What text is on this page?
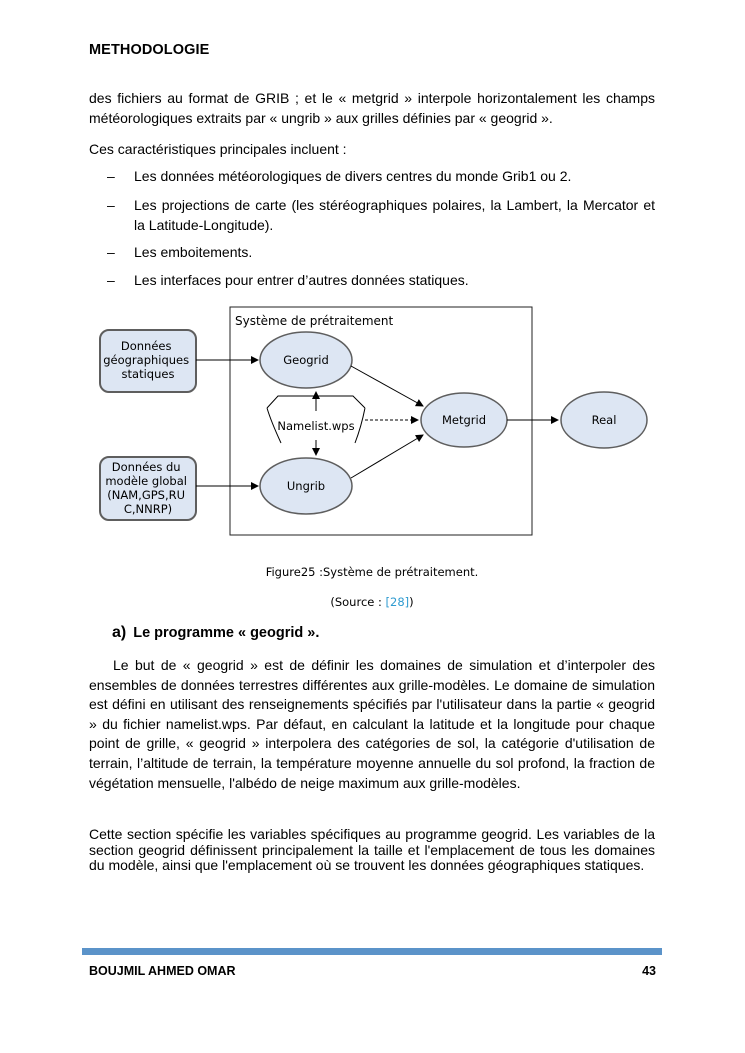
METHODOLOGIE
des fichiers au format de GRIB ; et le « metgrid » interpole horizontalement les champs météorologiques extraits par « ungrib » aux grilles définies par « geogrid ».
Ces caractéristiques principales incluent :
– Les données météorologiques de divers centres du monde Grib1 ou 2.
– Les projections de carte (les stéréographiques polaires, la Lambert, la Mercator et la Latitude-Longitude).
– Les emboitements.
– Les interfaces pour entrer d’autres données statiques.
Système de prétraitement
Données géographiques statiques
Données du modèle global (NAM,GPS,RU C,NNRP)
Geogrid
Ungrib
Metgrid	Real
Namelist.wps
Figure25 :Système de prétraitement.
(Source : [28])
a) Le programme « geogrid ».
Le but de « geogrid » est de définir les domaines de simulation et d’interpoler des ensembles de données terrestres différentes aux grille-modèles. Le domaine de simulation est défini en utilisant des renseignements spécifiés par l'utilisateur dans la partie « geogrid » du fichier namelist.wps. Par défaut, en calculant la latitude et la longitude pour chaque point de grille, « geogrid » interpolera des catégories de sol, la catégorie d'utilisation de terrain, l’altitude de terrain, la température moyenne annuelle du sol profond, la fraction de végétation mensuelle, l'albédo de neige maximum aux grille-modèles.
Cette section spécifie les variables spécifiques au programme geogrid. Les variables de la section geogrid définissent principalement la taille et l'emplacement de tous les domaines du modèle, ainsi que l'emplacement où se trouvent les données géographiques statiques.
BOUJMIL AHMED OMAR	43
